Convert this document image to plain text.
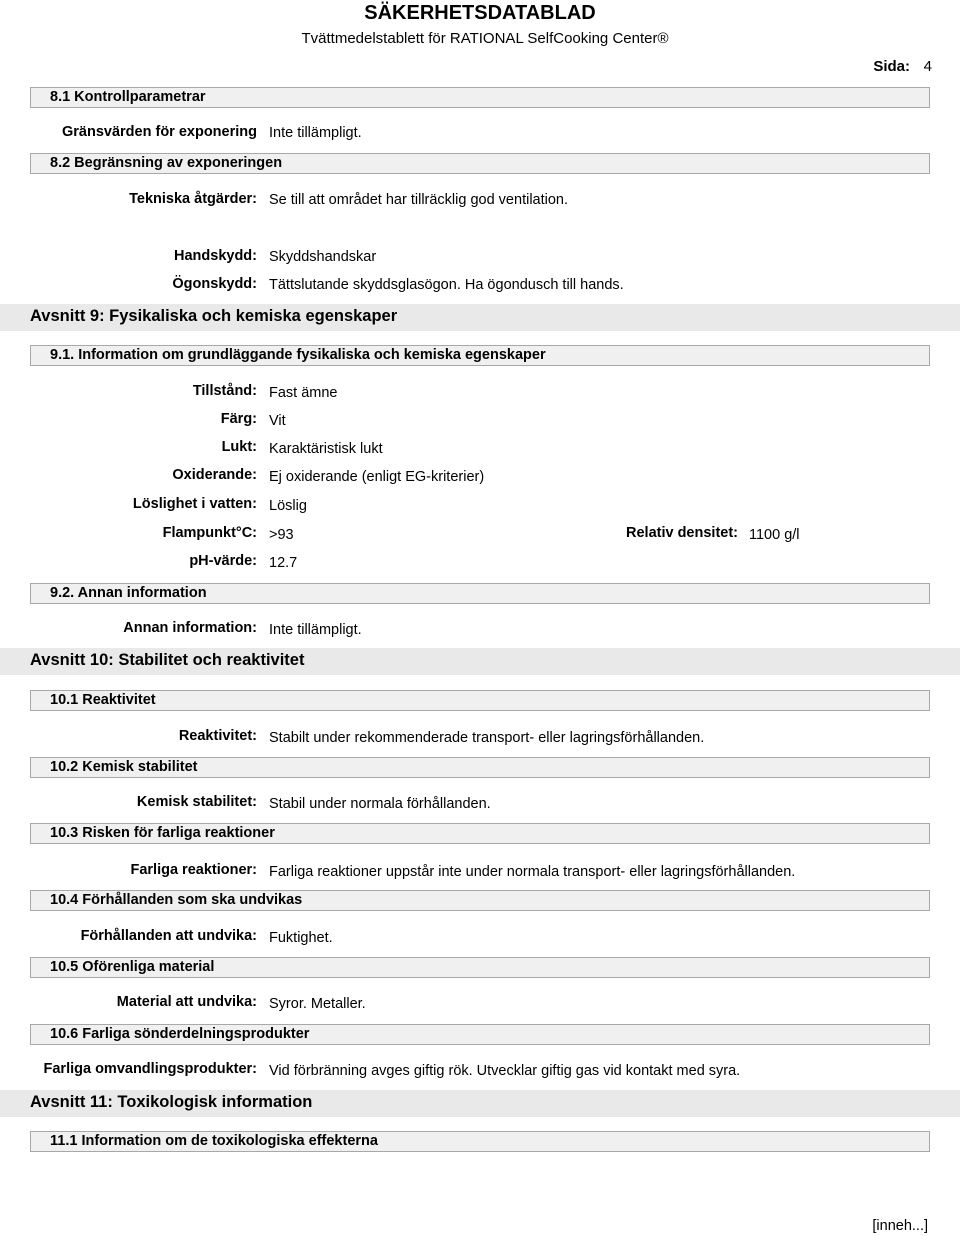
SÄKERHETSDATABLAD
Tvättmedelstablett för RATIONAL SelfCooking Center®
Sida: 4
8.1 Kontrollparametrar
Gränsvärden för exponering Inte tillämpligt.
8.2 Begränsning av exponeringen
Tekniska åtgärder: Se till att området har tillräcklig god ventilation.
Handskydd: Skyddshandskar
Ögonskydd: Tättslutande skyddsglasögon. Ha ögondusch till hands.
Avsnitt 9: Fysikaliska och kemiska egenskaper
9.1. Information om grundläggande fysikaliska och kemiska egenskaper
Tillstånd: Fast ämne
Färg: Vit
Lukt: Karaktäristisk lukt
Oxiderande: Ej oxiderande (enligt EG-kriterier)
Löslighet i vatten: Löslig
Flampunkt°C: >93	Relativ densitet: 1100 g/l
pH-värde: 12.7
9.2. Annan information
Annan information: Inte tillämpligt.
Avsnitt 10: Stabilitet och reaktivitet
10.1 Reaktivitet
Reaktivitet: Stabilt under rekommenderade transport- eller lagringsförhållanden.
10.2 Kemisk stabilitet
Kemisk stabilitet: Stabil under normala förhållanden.
10.3 Risken för farliga reaktioner
Farliga reaktioner: Farliga reaktioner uppstår inte under normala transport- eller lagringsförhållanden.
10.4 Förhållanden som ska undvikas
Förhållanden att undvika: Fuktighet.
10.5 Oförenliga material
Material att undvika: Syror. Metaller.
10.6 Farliga sönderdelningsprodukter
Farliga omvandlingsprodukter: Vid förbränning avges giftig rök. Utvecklar giftig gas vid kontakt med syra.
Avsnitt 11: Toxikologisk information
11.1 Information om de toxikologiska effekterna
[inneh...]
